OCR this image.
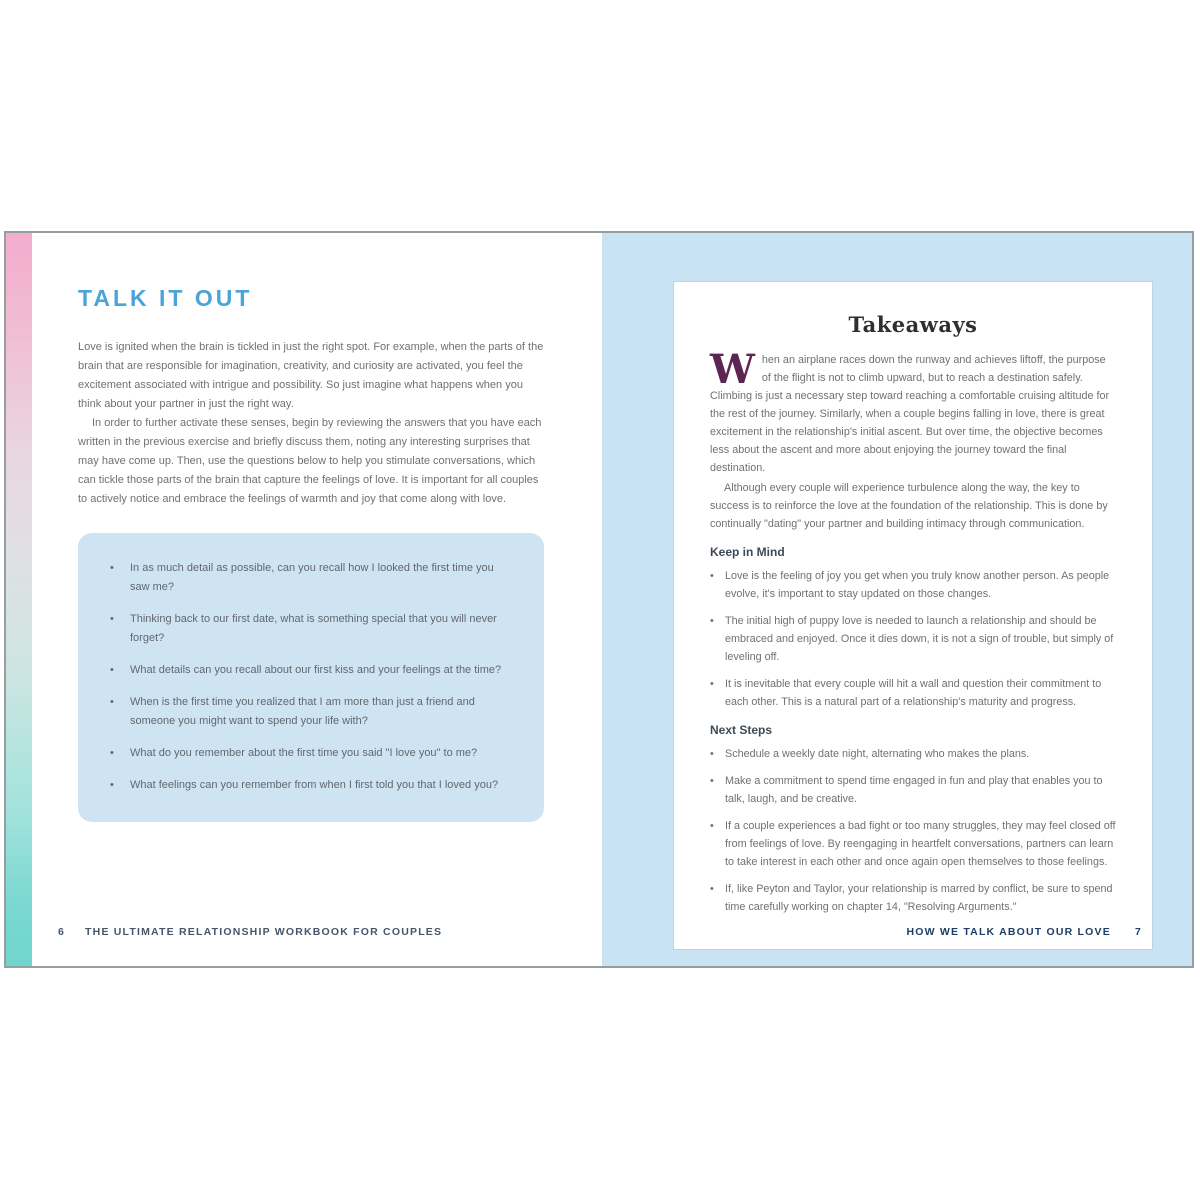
TALK IT OUT

Love is ignited when the brain is tickled in just the right spot. For example, when the parts of the brain that are responsible for imagination, creativity, and curiosity are activated, you feel the excitement associated with intrigue and possibility. So just imagine what happens when you think about your partner in just the right way.

In order to further activate these senses, begin by reviewing the answers that you have each written in the previous exercise and briefly discuss them, noting any interesting surprises that may have come up. Then, use the questions below to help you stimulate conversations, which can tickle those parts of the brain that capture the feelings of love. It is important for all couples to actively notice and embrace the feelings of warmth and joy that come along with love.

•	In as much detail as possible, can you recall how I looked the first time you saw me?
•	Thinking back to our first date, what is something special that you will never forget?
•	What details can you recall about our first kiss and your feelings at the time?
•	When is the first time you realized that I am more than just a friend and someone you might want to spend your life with?
•	What do you remember about the first time you said "I love you" to me?
•	What feelings can you remember from when I first told you that I loved you?
6 THE ULTIMATE RELATIONSHIP WORKBOOK FOR COUPLES
Takeaways

When an airplane races down the runway and achieves liftoff, the purpose of the flight is not to climb upward, but to reach a destination safely. Climbing is just a necessary step toward reaching a comfortable cruising altitude for the rest of the journey. Similarly, when a couple begins falling in love, there is great excitement in the relationship's initial ascent. But over time, the objective becomes less about the ascent and more about enjoying the journey toward the final destination.

Although every couple will experience turbulence along the way, the key to success is to reinforce the love at the foundation of the relationship. This is done by continually "dating" your partner and building intimacy through communication.

Keep in Mind
•	Love is the feeling of joy you get when you truly know another person. As people evolve, it's important to stay updated on those changes.
•	The initial high of puppy love is needed to launch a relationship and should be embraced and enjoyed. Once it dies down, it is not a sign of trouble, but simply of leveling off.
•	It is inevitable that every couple will hit a wall and question their commitment to each other. This is a natural part of a relationship's maturity and progress.
Next Steps
•	Schedule a weekly date night, alternating who makes the plans.
•	Make a commitment to spend time engaged in fun and play that enables you to talk, laugh, and be creative.
•	If a couple experiences a bad fight or too many struggles, they may feel closed off from feelings of love. By reengaging in heartfelt conversations, partners can learn to take interest in each other and once again open themselves to those feelings.
•	If, like Peyton and Taylor, your relationship is marred by conflict, be sure to spend time carefully working on chapter 14, "Resolving Arguments."
HOW WE TALK ABOUT OUR LOVE 7
